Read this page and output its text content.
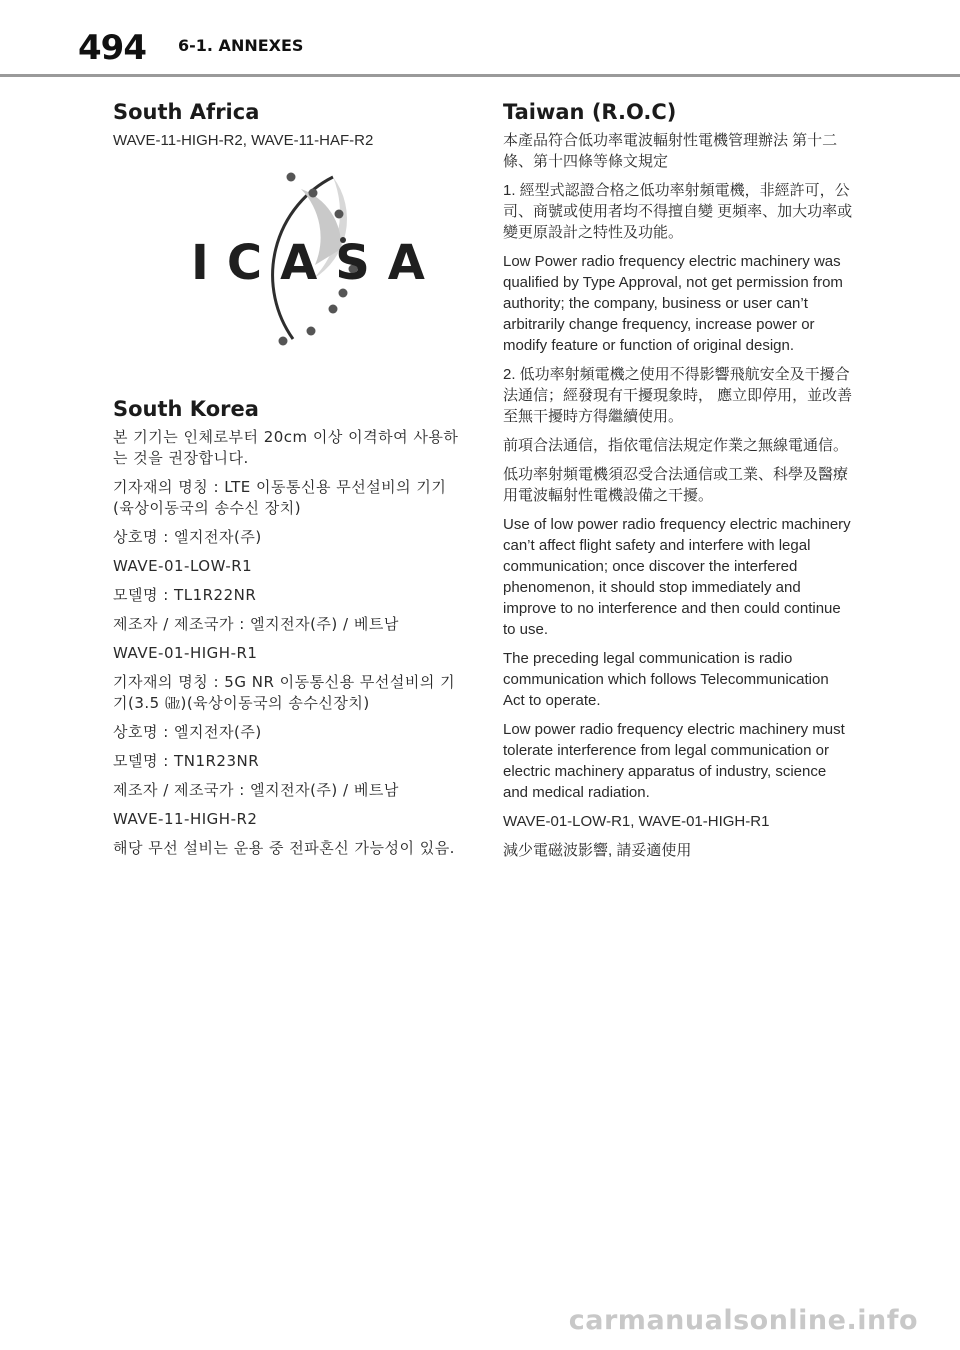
494 6-1. ANNEXES
South Africa

WAVE-11-HIGH-R2, WAVE-11-HAF-R2

ICASA
South Korea

본 기기는 인체로부터 20cm 이상 이격하여 사용하는 것을 권장합니다.

기자재의 명칭 : LTE 이동통신용 무선설비의 기기(육상이동국의 송수신 장치)

상호명 : 엘지전자(주)

WAVE-01-LOW-R1

모델명 : TL1R22NR

제조자 / 제조국가 : 엘지전자(주) / 베트남

WAVE-01-HIGH-R1

기자재의 명칭 : 5G NR 이동통신용 무선설비의 기기(3.5 ㎓)(육상이동국의 송수신장치)

상호명 : 엘지전자(주)

모델명 : TN1R23NR

제조자 / 제조국가 : 엘지전자(주) / 베트남

WAVE-11-HIGH-R2

해당 무선 설비는 운용 중 전파혼신 가능성이 있음.

Taiwan (R.O.C)

本產品符合低功率電波輻射性電機管理辦法 第十二條、第十四條等條文規定

1. 經型式認證合格之低功率射頻電機，非經許可，公司、商號或使用者均不得擅自變 更頻率、加大功率或變更原設計之特性及功能。

Low Power radio frequency electric machinery was qualified by Type Approval, not get permission from authority; the company, business or user can’t arbitrarily change frequency, increase power or modify feature or function of original design.

2. 低功率射頻電機之使用不得影響飛航安全及干擾合法通信；經發現有干擾現象時， 應立即停用，並改善至無干擾時方得繼續使用。

前項合法通信，指依電信法規定作業之無線電通信。

低功率射頻電機須忍受合法通信或工業、科學及醫療用電波輻射性電機設備之干擾。

Use of low power radio frequency electric machinery can’t affect flight safety and interfere with legal communication; once discover the interfered phenomenon, it should stop immediately and improve to no interference and then could continue to use.

The preceding legal communication is radio communication which follows Telecommunication Act to operate.

Low power radio frequency electric machinery must tolerate interference from legal communication or electric machinery apparatus of industry, science and medical radiation.

WAVE-01-LOW-R1, WAVE-01-HIGH-R1

減少電磁波影響, 請妥適使用

carmanualsonline.info
